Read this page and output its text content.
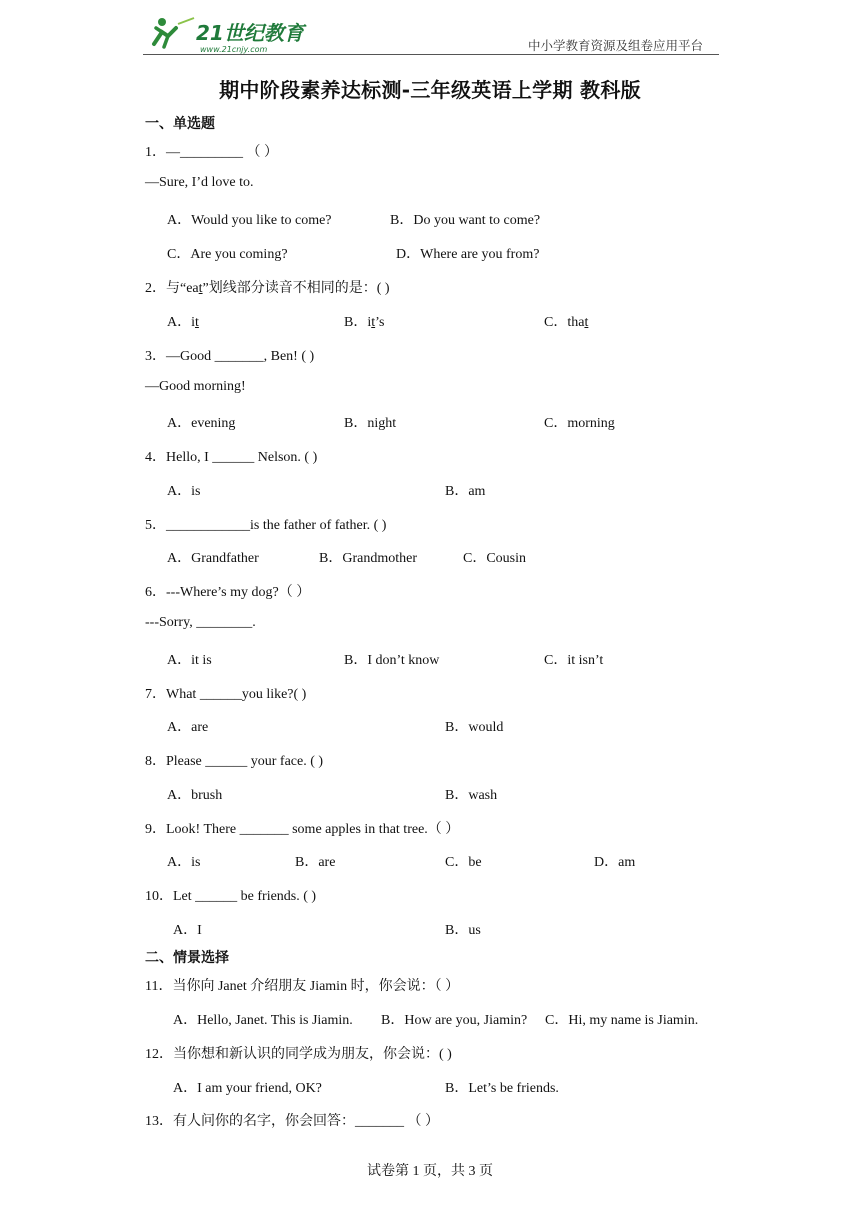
21世纪教育
www.21cnjy.com	中小学教育资源及组卷应用平台
期中阶段素养达标测-三年级英语上学期 教科版
一、单选题
1．—_________ （ ）
—Sure, I’d love to.
A．Would you like to come?	B．Do you want to come?
C．Are you coming?	D．Where are you from?
2．与“eat”划线部分读音不相同的是：( )
A．it	B．it’s	C．that
3．—Good _______, Ben! ( )
—Good morning!
A．evening	B．night	C．morning
4．Hello, I ______ Nelson. ( )
A．is	B．am
5．____________is the father of father. ( )
A．Grandfather	B．Grandmother	C．Cousin
6．---Where’s my dog?（ ）
---Sorry, ________.
A．it is	B．I don’t know	C．it isn’t
7．What ______you like?( )
A．are	B．would
8．Please ______ your face. ( )
A．brush	B．wash
9．Look! There _______ some apples in that tree.（ ）
A．is	B．are	C．be	D．am
10．Let ______ be friends. ( )
A．I	B．us
二、情景选择
11．当你向 Janet 介绍朋友 Jiamin 时，你会说：（ ）
A．Hello, Janet. This is Jiamin. B．How are you, Jiamin? C．Hi, my name is Jiamin.
12．当你想和新认识的同学成为朋友，你会说：( )
A．I am your friend, OK?	B．Let’s be friends.
13．有人问你的名字，你会回答：_______ （ ）
试卷第 1 页，共 3 页
